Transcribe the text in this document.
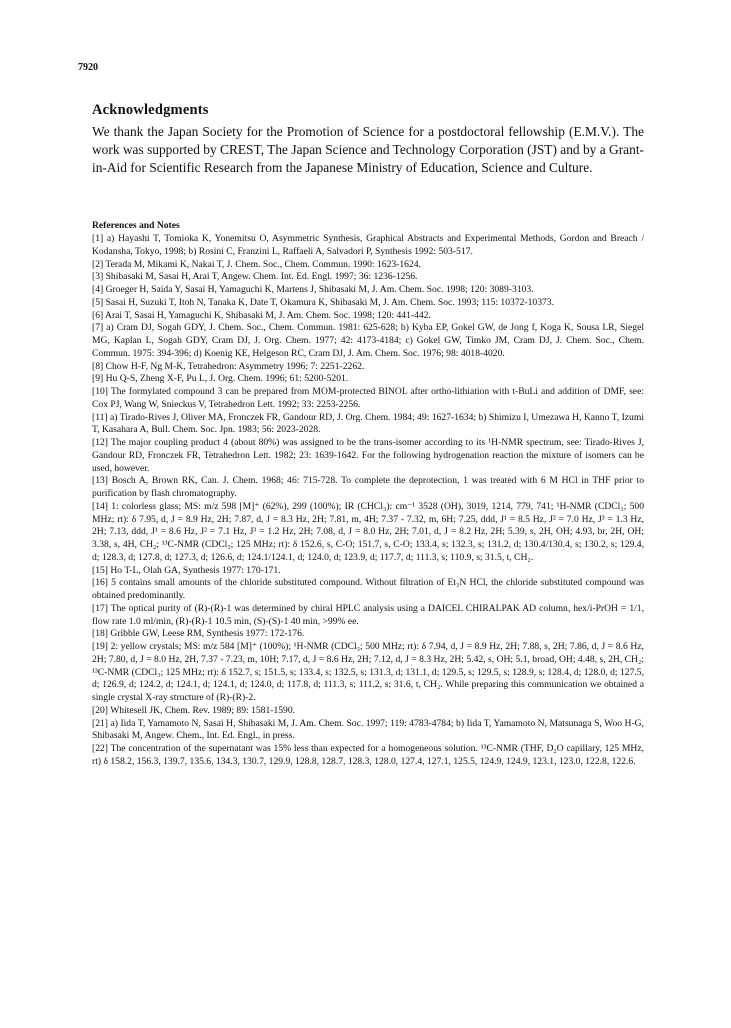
7920
Acknowledgments

We thank the Japan Society for the Promotion of Science for a postdoctoral fellowship (E.M.V.). The work was supported by CREST, The Japan Science and Technology Corporation (JST) and by a Grant-in-Aid for Scientific Research from the Japanese Ministry of Education, Science and Culture.

References and Notes

[1] a) Hayashi T, Tomioka K, Yonemitsu O, Asymmetric Synthesis, Graphical Abstracts and Experimental Methods, Gordon and Breach / Kodansha, Tokyo, 1998; b) Rosini C, Franzini L, Raffaeli A, Salvadori P, Synthesis 1992: 503-517.

[2] Terada M, Mikami K, Nakai T, J. Chem. Soc., Chem. Commun. 1990: 1623-1624.

[3] Shibasaki M, Sasai H, Arai T, Angew. Chem. Int. Ed. Engl. 1997; 36: 1236-1256.

[4] Groeger H, Saida Y, Sasai H, Yamaguchi K, Martens J, Shibasaki M, J. Am. Chem. Soc. 1998; 120: 3089-3103.

[5] Sasai H, Suzuki T, Itoh N, Tanaka K, Date T, Okamura K, Shibasaki M, J. Am. Chem. Soc. 1993; 115: 10372-10373.

[6] Arai T, Sasai H, Yamaguchi K, Shibasaki M, J. Am. Chem. Soc. 1998; 120: 441-442.

[7] a) Cram DJ, Sogah GDY, J. Chem. Soc., Chem. Commun. 1981: 625-628; b) Kyba EP, Gokel GW, de Jong f, Koga K, Sousa LR, Siegel MG, Kaplan L, Sogah GDY, Cram DJ, J. Org. Chem. 1977; 42: 4173-4184; c) Gokel GW, Timko JM, Cram DJ, J. Chem. Soc., Chem. Commun. 1975: 394-396; d) Koenig KE, Helgeson RC, Cram DJ, J. Am. Chem. Soc. 1976; 98: 4018-4020.

[8] Chow H-F, Ng M-K, Tetrahedron: Asymmetry 1996; 7: 2251-2262.

[9] Hu Q-S, Zheng X-F, Pu L, J. Org. Chem. 1996; 61: 5200-5201.

[10] The formylated compound 3 can be prepared from MOM-protected BINOL after ortho-lithiation with t-BuLi and addition of DMF, see: Cox PJ, Wang W, Snieckus V, Tetrahedron Lett. 1992; 33: 2253-2256.

[11] a) Tirado-Rives J, Oliver MA, Fronczek FR, Gandour RD, J. Org. Chem. 1984; 49: 1627-1634; b) Shimizu I, Umezawa H, Kanno T, Izumi T, Kasahara A, Bull. Chem. Soc. Jpn. 1983; 56: 2023-2028.

[12] The major coupling product 4 (about 80%) was assigned to be the trans-isomer according to its ¹H-NMR spectrum, see: Tirado-Rives J, Gandour RD, Fronczek FR, Tetrahedron Lett. 1982; 23: 1639-1642. For the following hydrogenation reaction the mixture of isomers can be used, however.

[13] Bosch A, Brown RK, Can. J. Chem. 1968; 46: 715-728. To complete the deprotection, 1 was treated with 6 M HCl in THF prior to purification by flash chromatography.

[14] 1: colorless glass; MS: m/z 598 [M]⁺ (62%), 299 (100%); IR (CHCl₃): cm⁻¹ 3528 (OH), 3019, 1214, 779, 741; ¹H-NMR (CDCl₃; 500 MHz; rt): δ 7.95, d, J = 8.9 Hz, 2H; 7.87, d, J = 8.3 Hz, 2H; 7.81, m, 4H; 7.37 - 7.32, m, 6H; 7.25, ddd, J¹ = 8.5 Hz, J² = 7.0 Hz, J³ = 1.3 Hz, 2H; 7.13, ddd, J¹ = 8.6 Hz, J² = 7.1 Hz, J³ = 1.2 Hz, 2H; 7.08, d, J = 8.0 Hz, 2H; 7.01, d, J = 8.2 Hz, 2H; 5.39, s, 2H, OH; 4.93, br, 2H, OH; 3.38, s, 4H, CH₂; ¹³C-NMR (CDCl₃; 125 MHz; rt): δ 152.6, s, C-O; 151.7, s, C-O; 133.4, s; 132.3, s; 131.2, d; 130.4/130.4, s; 130.2, s; 129.4, d; 128.3, d; 127.8, d; 127.3, d; 126.6, d; 124.1/124.1, d; 124.0, d; 123.9, d; 117.7, d; 111.3, s; 110.9, s; 31.5, t, CH₂.

[15] Ho T-L, Olah GA, Synthesis 1977: 170-171.

[16] 5 contains small amounts of the chloride substituted compound. Without filtration of Et₃N HCl, the chloride substituted compound was obtained predominantly.

[17] The optical purity of (R)-(R)-1 was determined by chiral HPLC analysis using a DAICEL CHIRALPAK AD column, hex/i-PrOH = 1/1, flow rate 1.0 ml/min, (R)-(R)-1 10.5 min, (S)-(S)-1 40 min, >99% ee.

[18] Gribble GW, Leese RM, Synthesis 1977: 172-176.

[19] 2: yellow crystals; MS: m/z 584 [M]⁺ (100%); ¹H-NMR (CDCl₃; 500 MHz; rt): δ 7.94, d, J = 8.9 Hz, 2H; 7.88, s, 2H; 7.86, d, J = 8.6 Hz, 2H; 7.80, d, J = 8.0 Hz, 2H, 7.37 - 7.23, m, 10H; 7.17, d, J = 8.6 Hz, 2H; 7.12, d, J = 8.3 Hz, 2H; 5.42, s, OH; 5.1, broad, OH; 4.48, s, 2H, CH₂; ¹³C-NMR (CDCl₃; 125 MHz; rt): δ 152.7, s; 151.5, s; 133.4, s; 132.5, s; 131.3, d; 131.1, d; 129.5, s; 129.5, s; 128.9, s; 128.4, d; 128.0, d; 127.5, d; 126.9, d; 124.2, d; 124.1, d; 124.1, d; 124.0, d; 117.8, d; 111.3, s; 111.2, s; 31.6, t, CH₂. While preparing this communication we obtained a single crystal X-ray structure of (R)-(R)-2.

[20] Whitesell JK, Chem. Rev. 1989; 89: 1581-1590.

[21] a) Iida T, Yamamoto N, Sasai H, Shibasaki M, J. Am. Chem. Soc. 1997; 119: 4783-4784; b) Iida T, Yamamoto N, Matsunaga S, Woo H-G, Shibasaki M, Angew. Chem., Int. Ed. Engl., in press.

[22] The concentration of the supernatant was 15% less than expected for a homogeneous solution. ¹³C-NMR (THF, D₂O capillary, 125 MHz, rt) δ 158.2, 156.3, 139.7, 135.6, 134.3, 130.7, 129.9, 128.8, 128.7, 128.3, 128.0, 127.4, 127.1, 125.5, 124.9, 124.9, 123.1, 123.0, 122.8, 122.6.
